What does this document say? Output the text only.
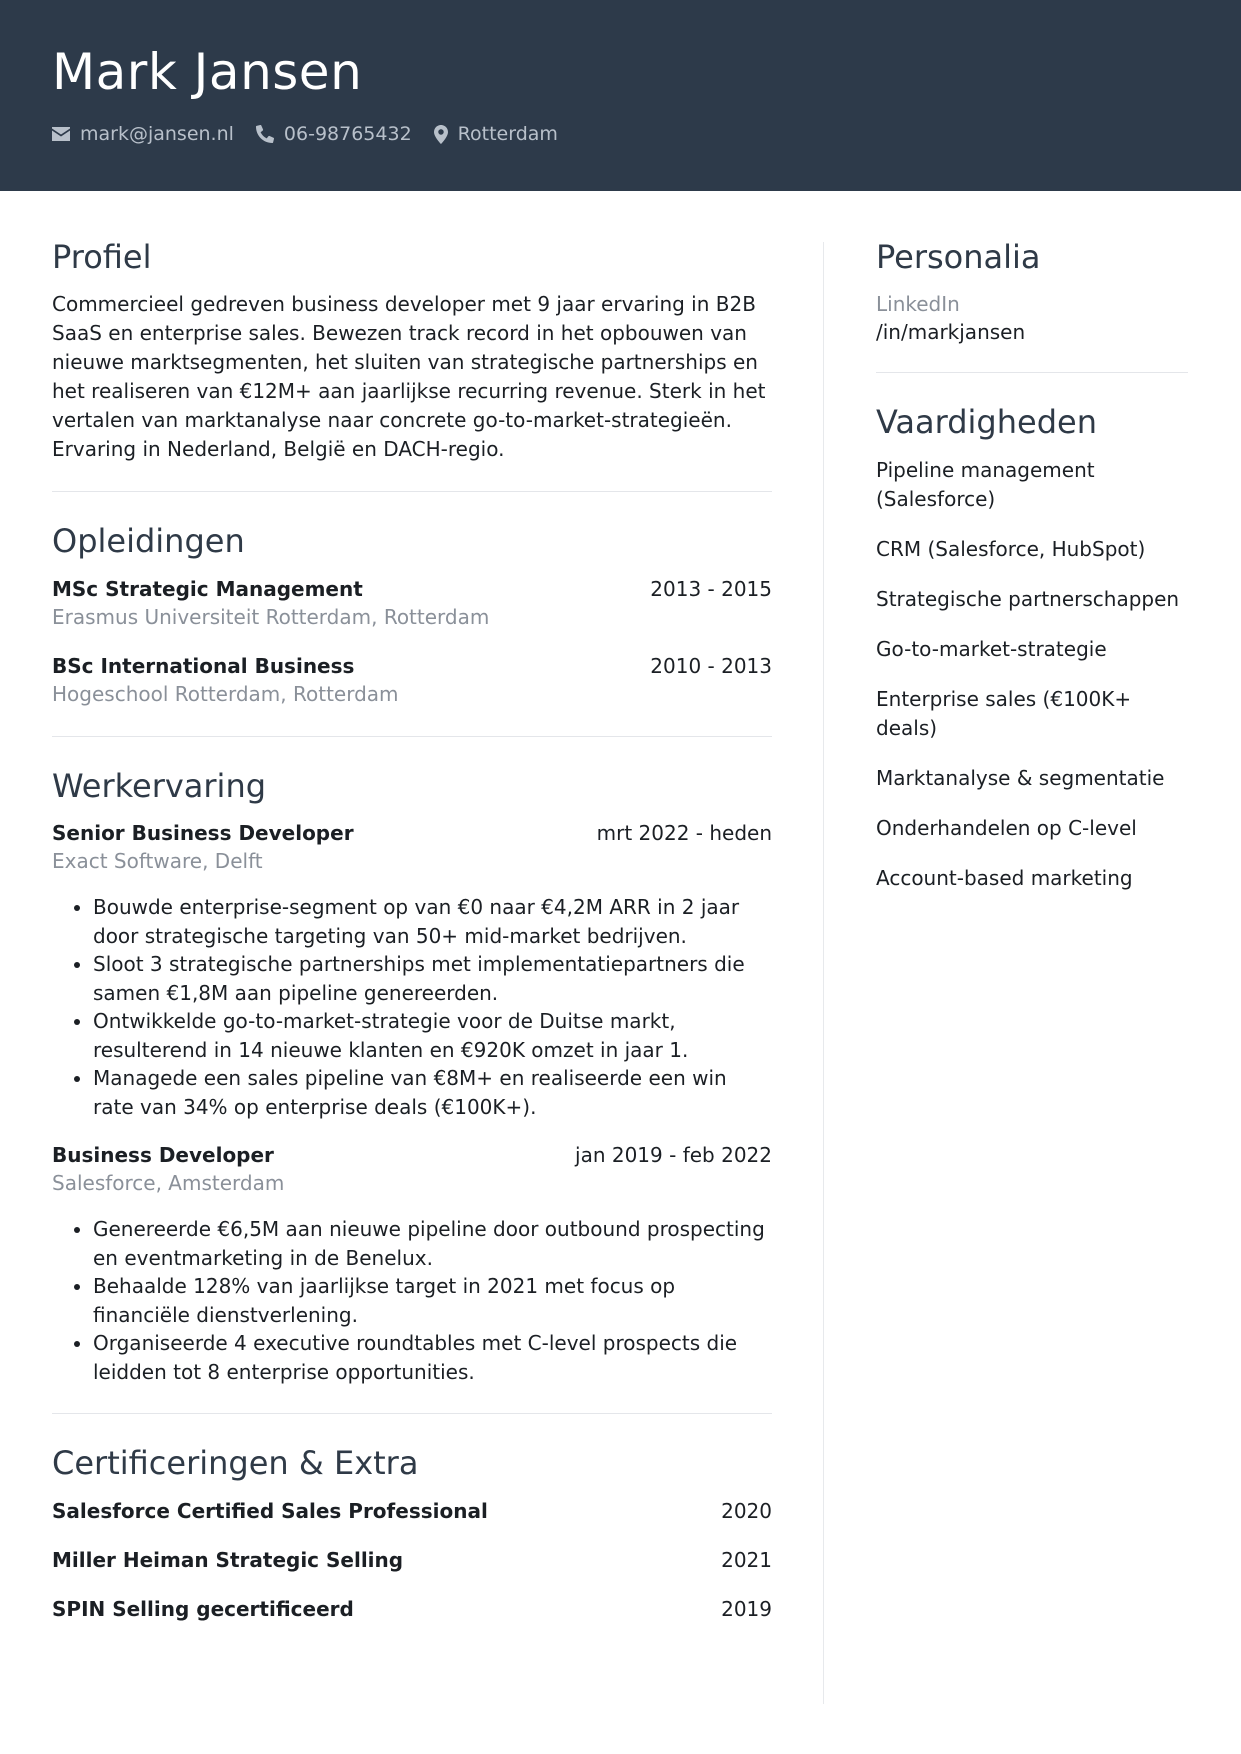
Mark Jansen
mark@jansen.nl	06-98765432 Rotterdam
Profiel

Commercieel gedreven business developer met 9 jaar ervaring in B2B SaaS en enterprise sales. Bewezen track record in het opbouwen van nieuwe marktsegmenten, het sluiten van strategische partnerships en het realiseren van €12M+ aan jaarlijkse recurring revenue. Sterk in het vertalen van marktanalyse naar concrete go-to-market-strategieën. Ervaring in Nederland, België en DACH-regio.

Opleidingen
MSc Strategic Management	2013 - 2015
Erasmus Universiteit Rotterdam, Rotterdam
BSc International Business	2010 - 2013
Hogeschool Rotterdam, Rotterdam
Werkervaring
Senior Business Developer	mrt 2022 - heden
Exact Software, Delft
• Bouwde enterprise-segment op van €0 naar €4,2M ARR in 2 jaar door strategische targeting van 50+ mid-market bedrijven.
• Sloot 3 strategische partnerships met implementatiepartners die samen €1,8M aan pipeline genereerden.
• Ontwikkelde go-to-market-strategie voor de Duitse markt, resulterend in 14 nieuwe klanten en €920K omzet in jaar 1.
• Managede een sales pipeline van €8M+ en realiseerde een win rate van 34% op enterprise deals (€100K+).
Business Developer	jan 2019 - feb 2022
Salesforce, Amsterdam
• Genereerde €6,5M aan nieuwe pipeline door outbound prospecting en eventmarketing in de Benelux.
• Behaalde 128% van jaarlijkse target in 2021 met focus op financiële dienstverlening.
• Organiseerde 4 executive roundtables met C-level prospects die leidden tot 8 enterprise opportunities.
Certificeringen & Extra
Salesforce Certified Sales Professional	2020
Miller Heiman Strategic Selling	2021
SPIN Selling gecertificeerd	2019
Personalia
LinkedIn
/in/markjansen
Vaardigheden
Pipeline management (Salesforce)
CRM (Salesforce, HubSpot)
Strategische partnerschappen
Go-to-market-strategie
Enterprise sales (€100K+ deals)
Marktanalyse & segmentatie
Onderhandelen op C-level
Account-based marketing
